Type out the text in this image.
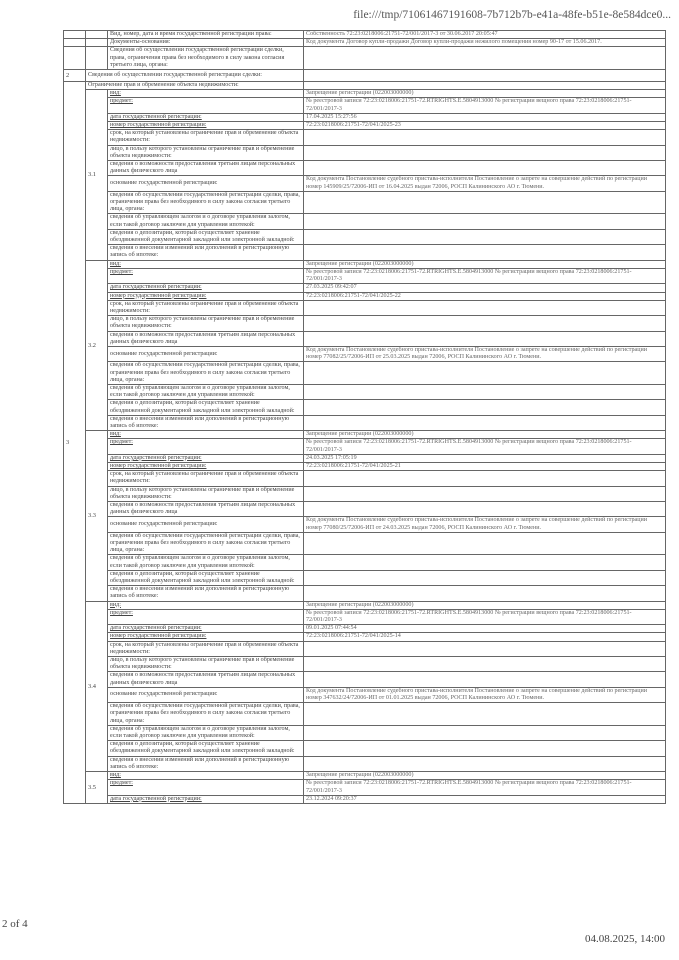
file:///tmp/71061467191608-7b712b7b-e41a-48fe-b51e-8e584dce0...
		Вид, номер, дата и время государственной регистрации права:	Собственность 72:23:0218006:21751-72/001/2017-3 от 30.06.2017 20:05:47
		Документы-основания:	Код документа Договор купли-продажи Договор купли-продажи нежилого помещения номер 90-17 от 15.06.2017.
		Сведения об осуществлении государственной регистрации сделки, права, ограничения права без необходимого в силу закона согласия третьего лица, органа:	
2	Сведения об осуществлении государственной регистрации сделки:		
3	Ограничение прав и обременение объекта недвижимости:		
	3.1	вид:	Запрещение регистрации (022003000000)
		предмет:	№ реестровой записи 72:23:0218006:21751-72.RTRIGHTS.E.5804913000 № регистрации вещного права 72:23:0218006:21751-72/001/2017-3
		дата государственной регистрации:	17.04.2025 15:27:56
		номер государственной регистрации:	72:23:0218006:21751-72/041/2025-23
		срок, на который установлены ограничение прав и обременение объекта недвижимости:	
		лицо, в пользу которого установлены ограничение прав и обременение объекта недвижимости:	
		сведения о возможности предоставления третьим лицам персональных данных физического лица	
		основание государственной регистрации:	Код документа Постановление судебного пристава-исполнителя Постановление о запрете на совершение действий по регистрации номер 145909/25/72006-ИП от 16.04.2025 выдан 72006, РОСП Калининского АО г. Тюмени.
		сведения об осуществлении государственной регистрации сделки, права, ограничения права без необходимого в силу закона согласия третьего лица, органа:	
		сведения об управляющем залогом и о договоре управления залогом, если такой договор заключен для управления ипотекой:	
		сведения о депозитарии, который осуществляет хранение обездвиженной документарной закладной или электронной закладной:	
		сведения о внесении изменений или дополнений в регистрационную запись об ипотеке:	
	3.2	вид:	Запрещение регистрации (022003000000)
		предмет:	№ реестровой записи 72:23:0218006:21751-72.RTRIGHTS.E.5804913000 № регистрации вещного права 72:23:0218006:21751-72/001/2017-3
		дата государственной регистрации:	27.03.2025 09:42:07
		номер государственной регистрации:	72:23:0218006:21751-72/041/2025-22
		срок, на который установлены ограничение прав и обременение объекта недвижимости:	
		лицо, в пользу которого установлены ограничение прав и обременение объекта недвижимости:	
		сведения о возможности предоставления третьим лицам персональных данных физического лица	
		основание государственной регистрации:	Код документа Постановление судебного пристава-исполнителя Постановление о запрете на совершение действий по регистрации номер 77082/25/72006-ИП от 25.03.2025 выдан 72006, РОСП Калининского АО г. Тюмени.
		сведения об осуществлении государственной регистрации сделки, права, ограничения права без необходимого в силу закона согласия третьего лица, органа:	
		сведения об управляющем залогом и о договоре управления залогом, если такой договор заключен для управления ипотекой:	
		сведения о депозитарии, который осуществляет хранение обездвиженной документарной закладной или электронной закладной:	
		сведения о внесении изменений или дополнений в регистрационную запись об ипотеке:	
	3.3	вид:	Запрещение регистрации (022003000000)
		предмет:	№ реестровой записи 72:23:0218006:21751-72.RTRIGHTS.E.5804913000 № регистрации вещного права 72:23:0218006:21751-72/001/2017-3
		дата государственной регистрации:	24.03.2025 17:05:19
		номер государственной регистрации:	72:23:0218006:21751-72/041/2025-21
		срок, на который установлены ограничение прав и обременение объекта недвижимости:	
		лицо, в пользу которого установлены ограничение прав и обременение объекта недвижимости:	
		сведения о возможности предоставления третьим лицам персональных данных физического лица	
		основание государственной регистрации:	Код документа Постановление судебного пристава-исполнителя Постановление о запрете на совершение действий по регистрации номер 77080/25/72006-ИП от 24.03.2025 выдан 72006, РОСП Калининского АО г. Тюмени.
		сведения об осуществлении государственной регистрации сделки, права, ограничения права без необходимого в силу закона согласия третьего лица, органа:	
		сведения об управляющем залогом и о договоре управления залогом, если такой договор заключен для управления ипотекой:	
		сведения о депозитарии, который осуществляет хранение обездвиженной документарной закладной или электронной закладной:	
		сведения о внесении изменений или дополнений в регистрационную запись об ипотеке:	
	3.4	вид:	Запрещение регистрации (022003000000)
		предмет:	№ реестровой записи 72:23:0218006:21751-72.RTRIGHTS.E.5804913000 № регистрации вещного права 72:23:0218006:21751-72/001/2017-3
		дата государственной регистрации:	09.01.2025 07:44:54
		номер государственной регистрации:	72:23:0218006:21751-72/041/2025-14
		срок, на который установлены ограничение прав и обременение объекта недвижимости:	
		лицо, в пользу которого установлены ограничение прав и обременение объекта недвижимости:	
		сведения о возможности предоставления третьим лицам персональных данных физического лица	
		основание государственной регистрации:	Код документа Постановление судебного пристава-исполнителя Постановление о запрете на совершение действий по регистрации номер 347632/24/72006-ИП от 01.01.2025 выдан 72006, РОСП Калининского АО г. Тюмени.
		сведения об осуществлении государственной регистрации сделки, права, ограничения права без необходимого в силу закона согласия третьего лица, органа:	
		сведения об управляющем залогом и о договоре управления залогом, если такой договор заключен для управления ипотекой:	
		сведения о депозитарии, который осуществляет хранение обездвиженной документарной закладной или электронной закладной:	
		сведения о внесении изменений или дополнений в регистрационную запись об ипотеке:	
	3.5	вид:	Запрещение регистрации (022003000000)
		предмет:	№ реестровой записи 72:23:0218006:21751-72.RTRIGHTS.E.5804913000 № регистрации вещного права 72:23:0218006:21751-72/001/2017-3
		дата государственной регистрации:	23.12.2024 09:20:37
2 of 4
04.08.2025, 14:00
